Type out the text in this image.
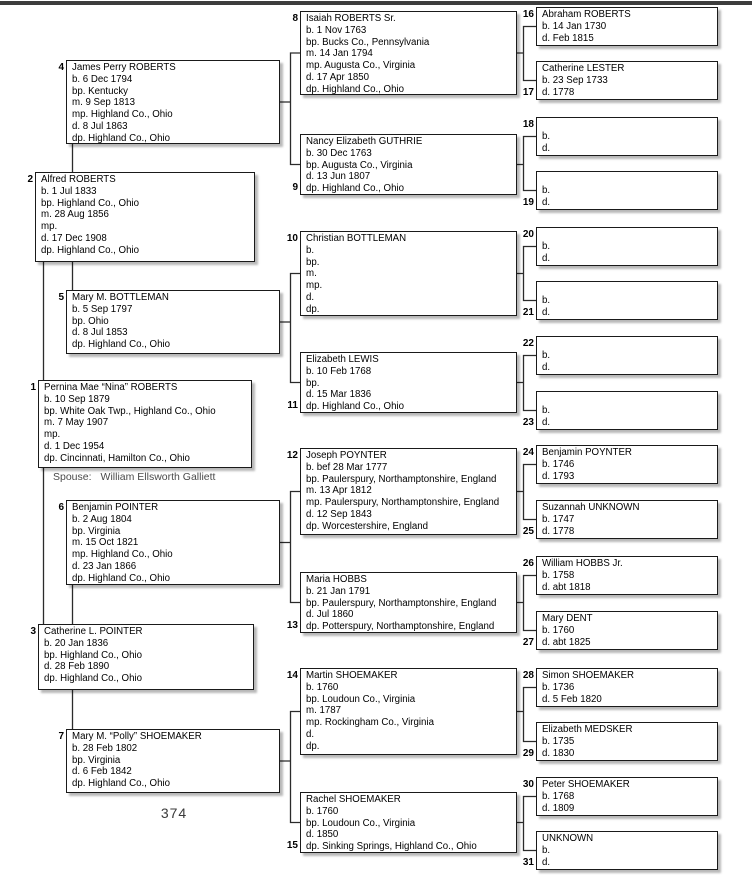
4 James Perry ROBERTS
b. 6 Dec 1794
bp. Kentucky
m. 9 Sep 1813
mp. Highland Co., Ohio
d. 8 Jul 1863
dp. Highland Co., Ohio
2 Alfred ROBERTS
b. 1 Jul 1833
bp. Highland Co., Ohio
m. 28 Aug 1856
mp.
d. 17 Dec 1908
dp. Highland Co., Ohio
5 Mary M. BOTTLEMAN
b. 5 Sep 1797
bp. Ohio
d. 8 Jul 1853
dp. Highland Co., Ohio
1 Pernina Mae “Nina” ROBERTS
b. 10 Sep 1879
bp. White Oak Twp., Highland Co., Ohio
m. 7 May 1907
mp.
d. 1 Dec 1954
dp. Cincinnati, Hamilton Co., Ohio
6 Benjamin POINTER
b. 2 Aug 1804
bp. Virginia
m. 15 Oct 1821
mp. Highland Co., Ohio
d. 23 Jan 1866
dp. Highland Co., Ohio
3 Catherine L. POINTER
b. 20 Jan 1836
bp. Highland Co., Ohio
d. 28 Feb 1890
dp. Highland Co., Ohio
7 Mary M. “Polly” SHOEMAKER
b. 28 Feb 1802
bp. Virginia
d. 6 Feb 1842
dp. Highland Co., Ohio
8 Isaiah ROBERTS Sr.
b. 1 Nov 1763
bp. Bucks Co., Pennsylvania
m. 14 Jan 1794
mp. Augusta Co., Virginia
d. 17 Apr 1850
dp. Highland Co., Ohio
9
Nancy Elizabeth GUTHRIE
b. 30 Dec 1763
bp. Augusta Co., Virginia
d. 13 Jun 1807
dp. Highland Co., Ohio
10 Christian BOTTLEMAN
b.
bp.
m.
mp.
d.
dp.
11
Elizabeth LEWIS
b. 10 Feb 1768
bp.
d. 15 Mar 1836
dp. Highland Co., Ohio
12 Joseph POYNTER
b. bef 28 Mar 1777
bp. Paulerspury, Northamptonshire, England
m. 13 Apr 1812
mp. Paulerspury, Northamptonshire, England
d. 12 Sep 1843
dp. Worcestershire, England
13
Maria HOBBS
b. 21 Jan 1791
bp. Paulerspury, Northamptonshire, England
d. Jul 1860
dp. Potterspury, Northamptonshire, England
14 Martin SHOEMAKER
b. 1760
bp. Loudoun Co., Virginia
m. 1787
mp. Rockingham Co., Virginia
d.
dp.
15
Rachel SHOEMAKER
b. 1760
bp. Loudoun Co., Virginia
d. 1850
dp. Sinking Springs, Highland Co., Ohio
16 Abraham ROBERTS
b. 14 Jan 1730
d. Feb 1815
17
Catherine LESTER
b. 23 Sep 1733
d. 1778
18
b.
d.
19
b.
d.
20
b.
d.
21
b.
d.
22
b.
d.
23
b.
d.
24 Benjamin POYNTER
b. 1746
d. 1793
25
Suzannah UNKNOWN
b. 1747
d. 1778
26 William HOBBS Jr.
b. 1758
d. abt 1818
27
Mary DENT
b. 1760
d. abt 1825
28 Simon SHOEMAKER
b. 1736
d. 5 Feb 1820
29
Elizabeth MEDSKER
b. 1735
d. 1830
30 Peter SHOEMAKER
b. 1768
d. 1809
31
UNKNOWN
b.
d.
Spouse: William Ellsworth Galliett
374
